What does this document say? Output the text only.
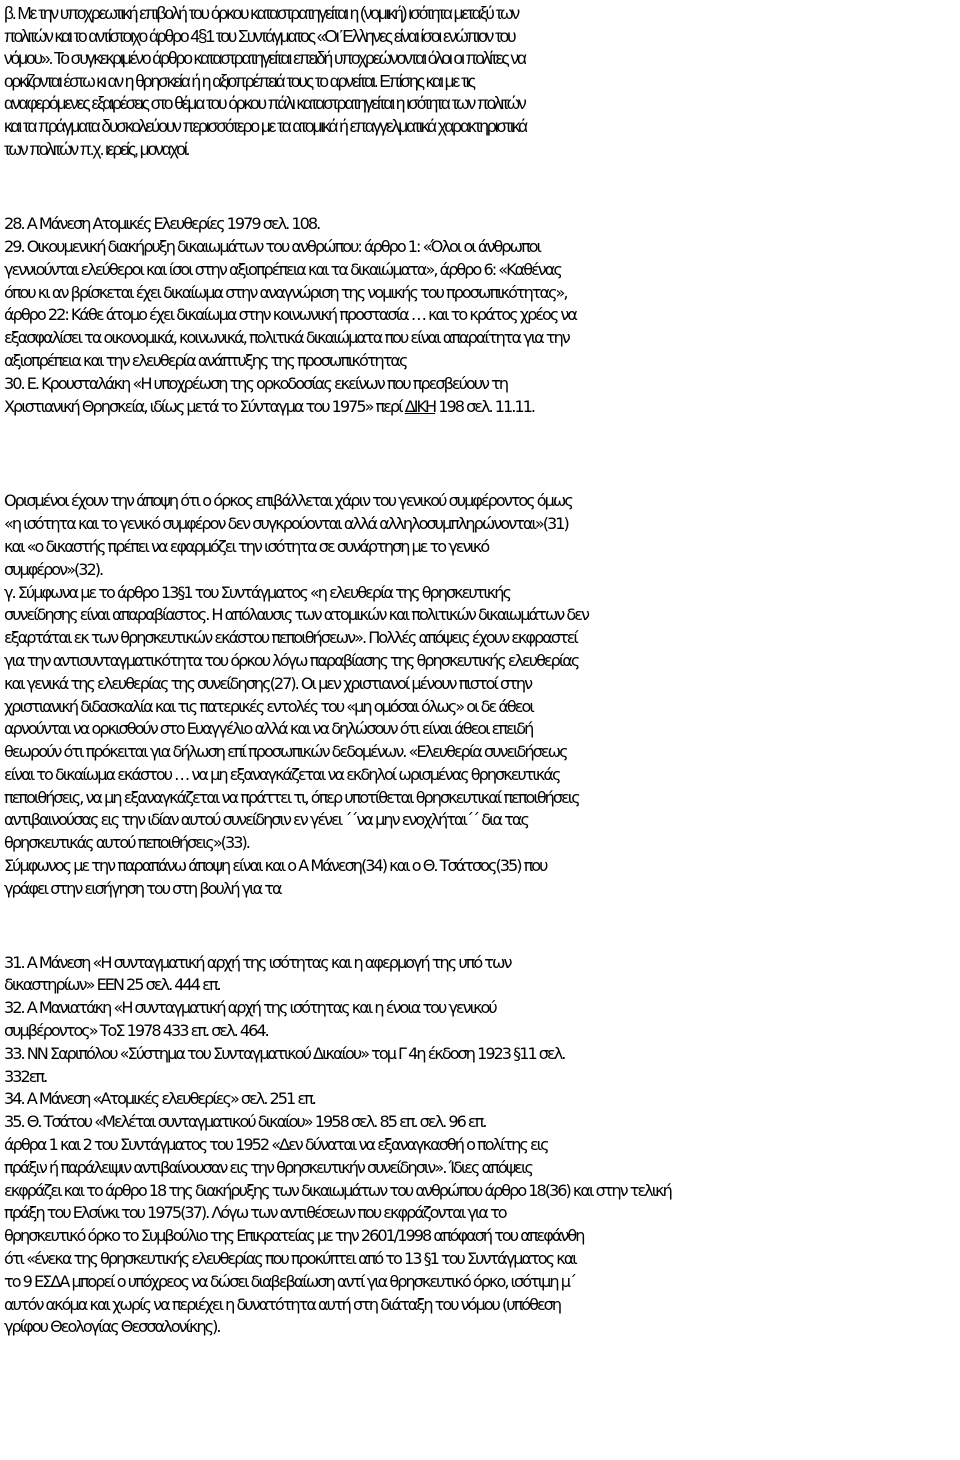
β. Με την υποχρεωτική επιβολή του όρκου καταστρατηγείται η (νομική) ισότητα μεταξύ των
πολιτών και το αντίστοιχο άρθρο 4§1 του Συντάγματος «Οι Έλληνες είναι ίσοι ενώπιον του
νόμου». Το συγκεκριμένο άρθρο καταστρατηγείται επειδή υποχρεώνονται όλοι οι πολίτες να
ορκίζονται έστω κι αν η θρησκεία ή η αξιοπρέπειά τους το αρνείται. Επίσης και με τις
αναφερόμενες εξαιρέσεις στο θέμα του όρκου πάλι καταστρατηγείται η ισότητα των πολιτών
και τα πράγματα δυσκολεύουν περισσότερο με τα ατομικά ή επαγγελματικά χαρακτηριστικά
των πολιτών π.χ. ιερείς, μοναχοί.
28. Α Μάνεση Ατομικές Ελευθερίες 1979 σελ. 108.
29. Οικουμενική διακήρυξη δικαιωμάτων του ανθρώπου: άρθρο 1: «Όλοι οι άνθρωποι
γεννιούνται ελεύθεροι και ίσοι στην αξιοπρέπεια και τα δικαιώματα», άρθρο 6: «Καθένας
όπου κι αν βρίσκεται έχει δικαίωμα στην αναγνώριση της νομικής του προσωπικότητας»,
άρθρο 22: Κάθε άτομο έχει δικαίωμα στην κοινωνική προστασία … και το κράτος χρέος να
εξασφαλίσει τα οικονομικά, κοινωνικά, πολιτικά δικαιώματα που είναι απαραίτητα για την
αξιοπρέπεια και την ελευθερία ανάπτυξης της προσωπικότητας
30. Ε. Κρουσταλάκη «Η υποχρέωση της ορκοδοσίας εκείνων που πρεσβεύουν τη
Χριστιανική Θρησκεία, ιδίως μετά το Σύνταγμα του 1975» περί ΔΙΚΗ 198 σελ. 11.11.
Ορισμένοι έχουν την άποψη ότι ο όρκος επιβάλλεται χάριν του γενικού συμφέροντος όμως
«η ισότητα και το γενικό συμφέρον δεν συγκρούονται αλλά αλληλοσυμπληρώνονται»(31)
και «ο δικαστής πρέπει να εφαρμόζει την ισότητα σε συνάρτηση με το γενικό
συμφέρον»(32).
γ. Σύμφωνα με το άρθρο 13§1 του Συντάγματος «η ελευθερία της θρησκευτικής
συνείδησης είναι απαραβίαστος. Η απόλαυσις των ατομικών και πολιτικών δικαιωμάτων δεν
εξαρτάται εκ των θρησκευτικών εκάστου πεποιθήσεων». Πολλές απόψεις έχουν εκφραστεί
για την αντισυνταγματικότητα του όρκου λόγω παραβίασης της θρησκευτικής ελευθερίας
και γενικά της ελευθερίας της συνείδησης(27). Οι μεν χριστιανοί μένουν πιστοί στην
χριστιανική διδασκαλία και τις πατερικές εντολές του «μη ομόσαι όλως» οι δε άθεοι
αρνούνται να ορκισθούν στο Ευαγγέλιο αλλά και να δηλώσουν ότι είναι άθεοι επειδή
θεωρούν ότι πρόκειται για δήλωση επί προσωπικών δεδομένων. «Ελευθερία συνειδήσεως
είναι το δικαίωμα εκάστου … να μη εξαναγκάζεται να εκδηλοί ωρισμένας θρησκευτικάς
πεποιθήσεις, να μη εξαναγκάζεται να πράττει τι, όπερ υποτίθεται θρησκευτικαί πεποιθήσεις
αντιβαινούσας εις την ιδίαν αυτού συνείδησιν εν γένει ΄΄να μην ενοχλήται΄΄ δια τας
θρησκευτικάς αυτού πεποιθήσεις»(33).
Σύμφωνος με την παραπάνω άποψη είναι και ο Α Μάνεση(34) και ο Θ. Τσάτσος(35) που
γράφει στην εισήγηση του στη βουλή για τα
31. Α Μάνεση «Η συνταγματική αρχή της ισότητας και η αφερμογή της υπό των
δικαστηρίων» ΕΕΝ 25 σελ. 444 επ.
32. Α Μανιατάκη «Η συνταγματική αρχή της ισότητας και η ένοια του γενικού
συμβέροντος» ΤοΣ 1978 433 επ. σελ. 464.
33. ΝΝ Σαριπόλου «Σύστημα του Συνταγματικού Δικαίου» τομ Γ 4η έκδοση 1923 §11 σελ.
332επ.
34. Α Μάνεση «Ατομικές ελευθερίες» σελ. 251 επ.
35. Θ. Τσάτου «Μελέται συνταγματικού δικαίου» 1958 σελ. 85 επ. σελ. 96 επ.
άρθρα 1 και 2 του Συντάγματος του 1952 «Δεν δύναται να εξαναγκασθή ο πολίτης εις
πράξιν ή παράλειψιν αντιβαίνουσαν εις την θρησκευτικήν συνείδησιν». Ίδιες απόψεις
εκφράζει και το άρθρο 18 της διακήρυξης των δικαιωμάτων του ανθρώπου άρθρο 18(36) και στην τελική
πράξη του Ελσίνκι του 1975(37). Λόγω των αντιθέσεων που εκφράζονται για το
θρησκευτικό όρκο το Συμβούλιο της Επικρατείας με την 2601/1998 απόφασή του απεφάνθη
ότι «ένεκα της θρησκευτικής ελευθερίας που προκύπτει από το 13 §1 του Συντάγματος και
το 9 ΕΣΔΑ μπορεί ο υπόχρεος να δώσει διαβεβαίωση αντί για θρησκευτικό όρκο, ισότιμη μ΄
αυτόν ακόμα και χωρίς να περιέχει η δυνατότητα αυτή στη διάταξη του νόμου (υπόθεση
γρίφου Θεολογίας Θεσσαλονίκης).
